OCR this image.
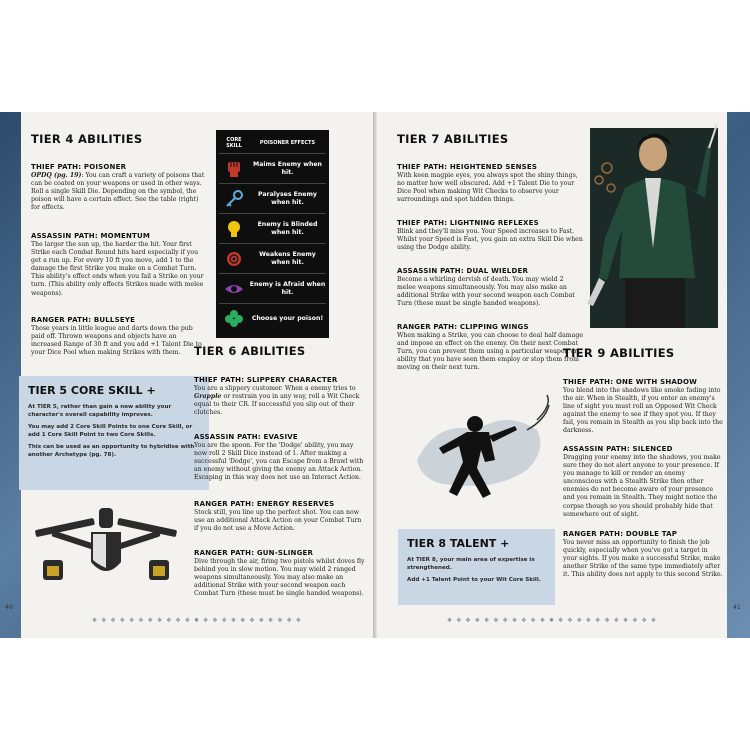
TIER 4 ABILITIES
THIEF PATH: POISONER
OPDQ (pg. 19): You can craft a variety of poisons that can be coated on your weapons or used in other ways. Roll a single Skill Die. Depending on the symbol, the poison will have a certain effect. See the table (right) for effects.
ASSASSIN PATH: MOMENTUM
The larger the sun up, the harder the hit. Your first Strike each Combat Round hits hard especially if you get a run up. For every 10 ft you move, add 1 to the damage the first Strike you make on a Combat Turn. This ability's effect ends when you fail a Strike on your turn. (This ability only effects Strikes made with melee weapons).
RANGER PATH: BULLSEYE
Those years in little league and darts down the pub paid off. Thrown weapons and objects have an increased Range of 30 ft and you add +1 Talent Die to your Dice Pool when making Strikes with them.
CORE SKILL	POISONER EFFECTS
Maims Enemy when hit.
Paralyses Enemy when hit.
Enemy is Blinded when hit.
Weakens Enemy when hit.
Enemy is Afraid when hit.
Choose your poison!
TIER 5 CORE SKILL +
At TIER 5, rather than gain a new ability your character's overall capability improves.
You may add 2 Core Skill Points to one Core Skill, or add 1 Core Skill Point to two Core Skills.
This can be used as an opportunity to hybridise with another Archetype (pg. 78).
TIER 6 ABILITIES
THIEF PATH: SLIPPERY CHARACTER
You are a slippery customer. When a enemy tries to Grapple or restrain you in any way, roll a Wit Check equal to their CR. If successful you slip out of their clutches.
ASSASSIN PATH: EVASIVE
You are the spoon. For the 'Dodge' ability, you may now roll 2 Skill Dice instead of 1. After making a successful 'Dodge', you can Escape from a Brawl with an enemy without giving the enemy an Attack Action. Escaping in this way does not use an Interact Action.
RANGER PATH: ENERGY RESERVES
Stock still, you line up the perfect shot. You can now use an additional Attack Action on your Combat Turn if you do not use a Move Action.
RANGER PATH: GUN-SLINGER
Dive through the air, firing two pistols whilst doves fly behind you in slow motion. You may wield 2 ranged weapons simultaneously. You may also make an additional Strike with your second weapon each Combat Turn (these must be single handed weapons).
40
❖ ❖ ❖ ❖ ❖ ❖ ❖ ❖ ❖ ❖ ❖ ✸ ❖ ❖ ❖ ❖ ❖ ❖ ❖ ❖ ❖ ❖ ❖
TIER 7 ABILITIES
THIEF PATH: HEIGHTENED SENSES
With keen magpie eyes, you always spot the shiny things, no matter how well obscured. Add +1 Talent Die to your Dice Pool when making Wit Checks to observe your surroundings and spot hidden things.
THIEF PATH: LIGHTNING REFLEXES
Blink and they'll miss you. Your Speed increases to Fast. Whilst your Speed is Fast, you gain an extra Skill Die when using the Dodge ability.
ASSASSIN PATH: DUAL WIELDER
Become a whirling dervish of death. You may wield 2 melee weapons simultaneously. You may also make an additional Strike with your second weapon each Combat Turn (these must be single handed weapons).
RANGER PATH: CLIPPING WINGS
When making a Strike, you can choose to deal half damage and impose an effect on the enemy. On their next Combat Turn, you can prevent them using a particular weapon or ability that you have seen them employ or stop them from moving on their next turn.
TIER 8 TALENT +
At TIER 8, your main area of expertise is strengthened.
Add +1 Talent Point to your Wit Core Skill.
TIER 9 ABILITIES
THIEF PATH: ONE WITH SHADOW
You blend into the shadows like smoke fading into the air. When in Stealth, if you enter an enemy's line of sight you must roll an Opposed Wit Check against the enemy to see if they spot you. If they fail, you remain in Stealth as you slip back into the darkness.
ASSASSIN PATH: SILENCED
Dragging your enemy into the shadows, you make sure they do not alert anyone to your presence. If you manage to kill or render an enemy unconscious with a Stealth Strike then other enemies do not become aware of your presence and you remain in Stealth. They might notice the corpse though so you should probably hide that somewhere out of sight.
RANGER PATH: DOUBLE TAP
You never miss an opportunity to finish the job quickly, especially when you've got a target in your sights. If you make a successful Strike, make another Strike of the same type immediately after it. This ability does not apply to this second Strike.
41
❖ ❖ ❖ ❖ ❖ ❖ ❖ ❖ ❖ ❖ ❖ ✸ ❖ ❖ ❖ ❖ ❖ ❖ ❖ ❖ ❖ ❖ ❖
